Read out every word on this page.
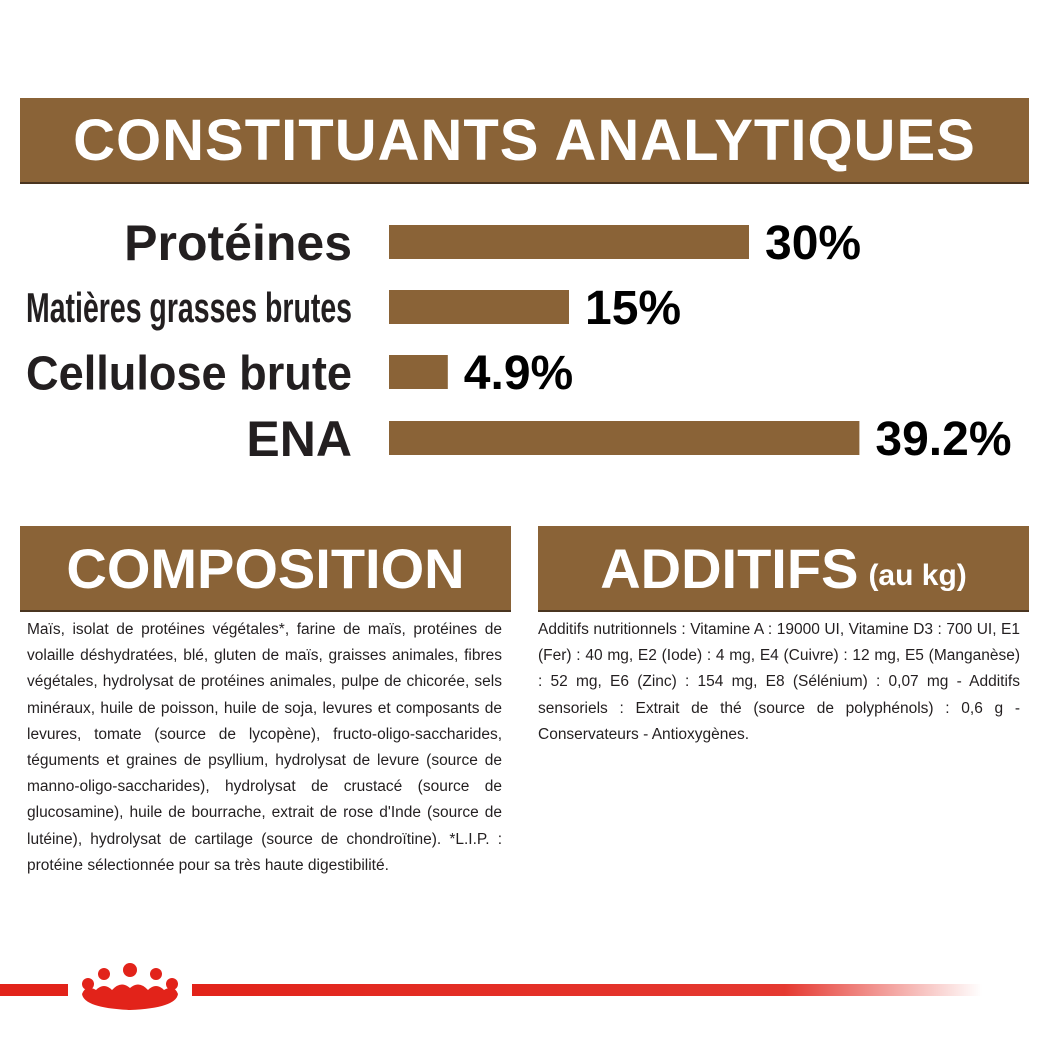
CONSTITUANTS ANALYTIQUES
Protéines	30%
Matières grasses brutes	15%
Cellulose brute 4.9%
ENA	39.2%
COMPOSITION ADDITIFS (au kg)

Maïs, isolat de protéines végétales*, farine de maïs, protéines de volaille déshydratées, blé, gluten de maïs, graisses animales, fibres végétales, hydrolysat de protéines animales, pulpe de chicorée, sels minéraux, huile de poisson, huile de soja, levures et composants de levures, tomate (source de lycopène), fructo-oligo-saccharides, téguments et graines de psyllium, hydrolysat de levure (source de manno-oligo-saccharides), hydrolysat de crustacé (source de glucosamine), huile de bourrache, extrait de rose d'Inde (source de lutéine), hydrolysat de cartilage (source de chondroïtine). *L.I.P. : protéine sélectionnée pour sa très haute digestibilité.

Additifs nutritionnels : Vitamine A : 19000 UI, Vitamine D3 : 700 UI, E1 (Fer) : 40 mg, E2 (Iode) : 4 mg, E4 (Cuivre) : 12 mg, E5 (Manganèse) : 52 mg, E6 (Zinc) : 154 mg, E8 (Sélénium) : 0,07 mg - Additifs sensoriels : Extrait de thé (source de polyphénols) : 0,6 g - Conservateurs - Antioxygènes.
